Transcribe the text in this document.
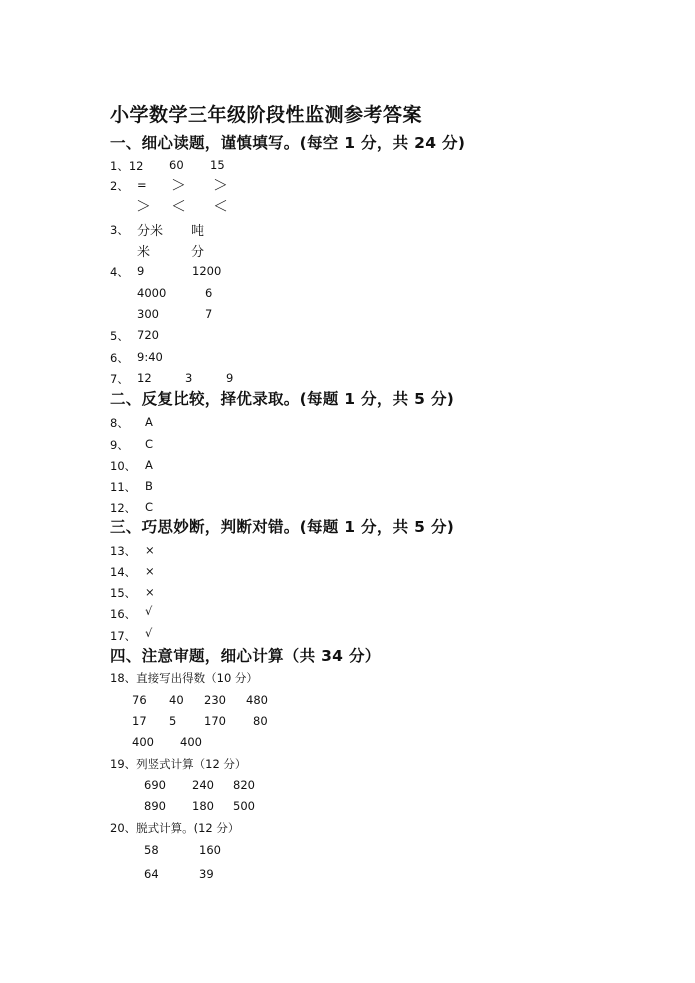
小学数学三年级阶段性监测参考答案
一、细心读题，谨慎填写。(每空 1 分，共 24 分)
1、12 60 15
2、 = ＞ ＞
＞ ＜ ＜
3、 分米 吨
米	分
4、 9	1200
4000	6
300	7
5、 720
6、 9:40
7、 12	3	9
二、反复比较，择优录取。(每题 1 分，共 5 分)
8、 A
9、 C
10、 A
11、 B
12、 C
三、巧思妙断，判断对错。(每题 1 分，共 5 分)
13、 ×
14、 ×
15、 ×
16、 √
17、 √
四、注意审题，细心计算（共 34 分）
18、直接写出得数（10 分）
76 40 230 480
17 5 170 80
400 400
19、列竖式计算（12 分）
690 240 820
890 180 500
20、脱式计算。(12 分）
58	160
64	39
